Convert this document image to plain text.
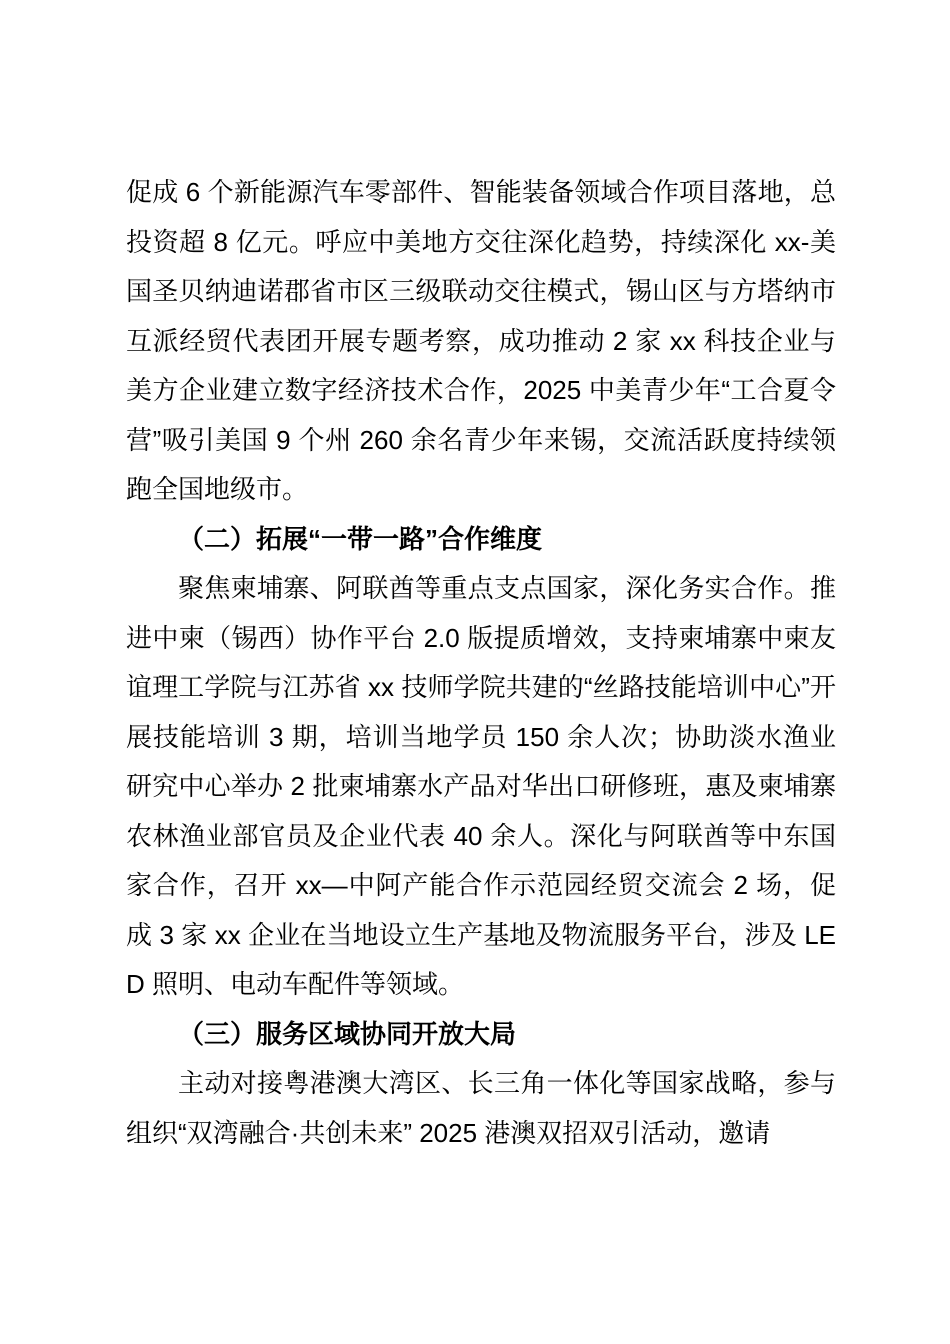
促成 6 个新能源汽车零部件、智能装备领域合作项目落地，总投资超 8 亿元。呼应中美地方交往深化趋势，持续深化 xx-美国圣贝纳迪诺郡省市区三级联动交往模式，锡山区与方塔纳市互派经贸代表团开展专题考察，成功推动 2 家 xx 科技企业与美方企业建立数字经济技术合作，2025 中美青少年“工合夏令营”吸引美国 9 个州 260 余名青少年来锡，交流活跃度持续领跑全国地级市。

（二）拓展“一带一路”合作维度

聚焦柬埔寨、阿联酋等重点支点国家，深化务实合作。推进中柬（锡西）协作平台 2.0 版提质增效，支持柬埔寨中柬友谊理工学院与江苏省 xx 技师学院共建的“丝路技能培训中心”开展技能培训 3 期，培训当地学员 150 余人次；协助淡水渔业研究中心举办 2 批柬埔寨水产品对华出口研修班，惠及柬埔寨农林渔业部官员及企业代表 40 余人。深化与阿联酋等中东国家合作，召开 xx—中阿产能合作示范园经贸交流会 2 场，促成 3 家 xx 企业在当地设立生产基地及物流服务平台，涉及 LED 照明、电动车配件等领域。

（三）服务区域协同开放大局

主动对接粤港澳大湾区、长三角一体化等国家战略，参与组织“双湾融合·共创未来” 2025 港澳双招双引活动，邀请
